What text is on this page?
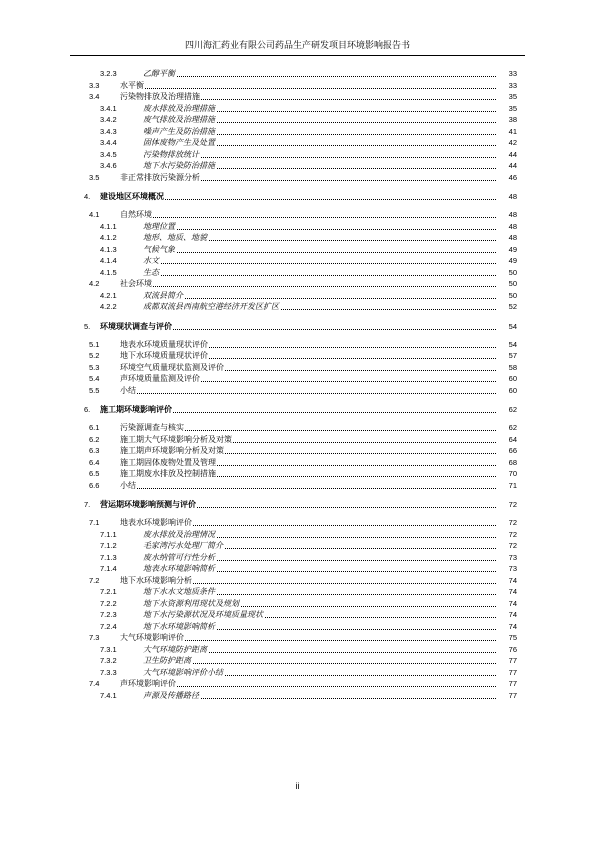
四川海汇药业有限公司药品生产研发项目环境影响报告书
3.2.3	乙醇平衡	33
3.3	水平衡	33
3.4	污染物排放及治理措施	35
3.4.1	废水排放及治理措施	35
3.4.2	废气排放及治理措施	38
3.4.3	噪声产生及防治措施	41
3.4.4	固体废物产生及处置	42
3.4.5	污染物排放统计	44
3.4.6	地下水污染防治措施	44
3.5	非正常排放污染源分析	46
4. 建设地区环境概况	48
4.1	自然环境	48
4.1.1	地理位置	48
4.1.2	地形、地质、地貌	48
4.1.3	气候气象	49
4.1.4	水文	49
4.1.5	生态	50
4.2	社会环境	50
4.2.1	双流县简介	50
4.2.2	成都双流县西南航空港经济开发区扩区	52
5. 环境现状调查与评价	54
5.1	地表水环境质量现状评价	54
5.2	地下水环境质量现状评价	57
5.3	环境空气质量现状监测及评价	58
5.4	声环境质量监测及评价	60
5.5	小结	60
6. 施工期环境影响评价	62
6.1	污染源调查与核实	62
6.2	施工期大气环境影响分析及对策	64
6.3	施工期声环境影响分析及对策	66
6.4	施工期固体废物处置及管理	68
6.5	施工期废水排放及控制措施	70
6.6	小结	71
7. 营运期环境影响预测与评价	72
7.1	地表水环境影响评价	72
7.1.1	废水排放及治理情况	72
7.1.2	毛家湾污水处理厂简介	72
7.1.3	废水纳管可行性分析	73
7.1.4	地表水环境影响简析	73
7.2	地下水环境影响分析	74
7.2.1	地下水水文地质条件	74
7.2.2	地下水资源利用现状及规划	74
7.2.3	地下水污染源状况及环境质量现状	74
7.2.4	地下水环境影响简析	74
7.3	大气环境影响评价	75
7.3.1	大气环境防护距离	76
7.3.2	卫生防护距离	77
7.3.3	大气环境影响评价小结	77
7.4	声环境影响评价	77
7.4.1	声源及传播路径	77
ii
